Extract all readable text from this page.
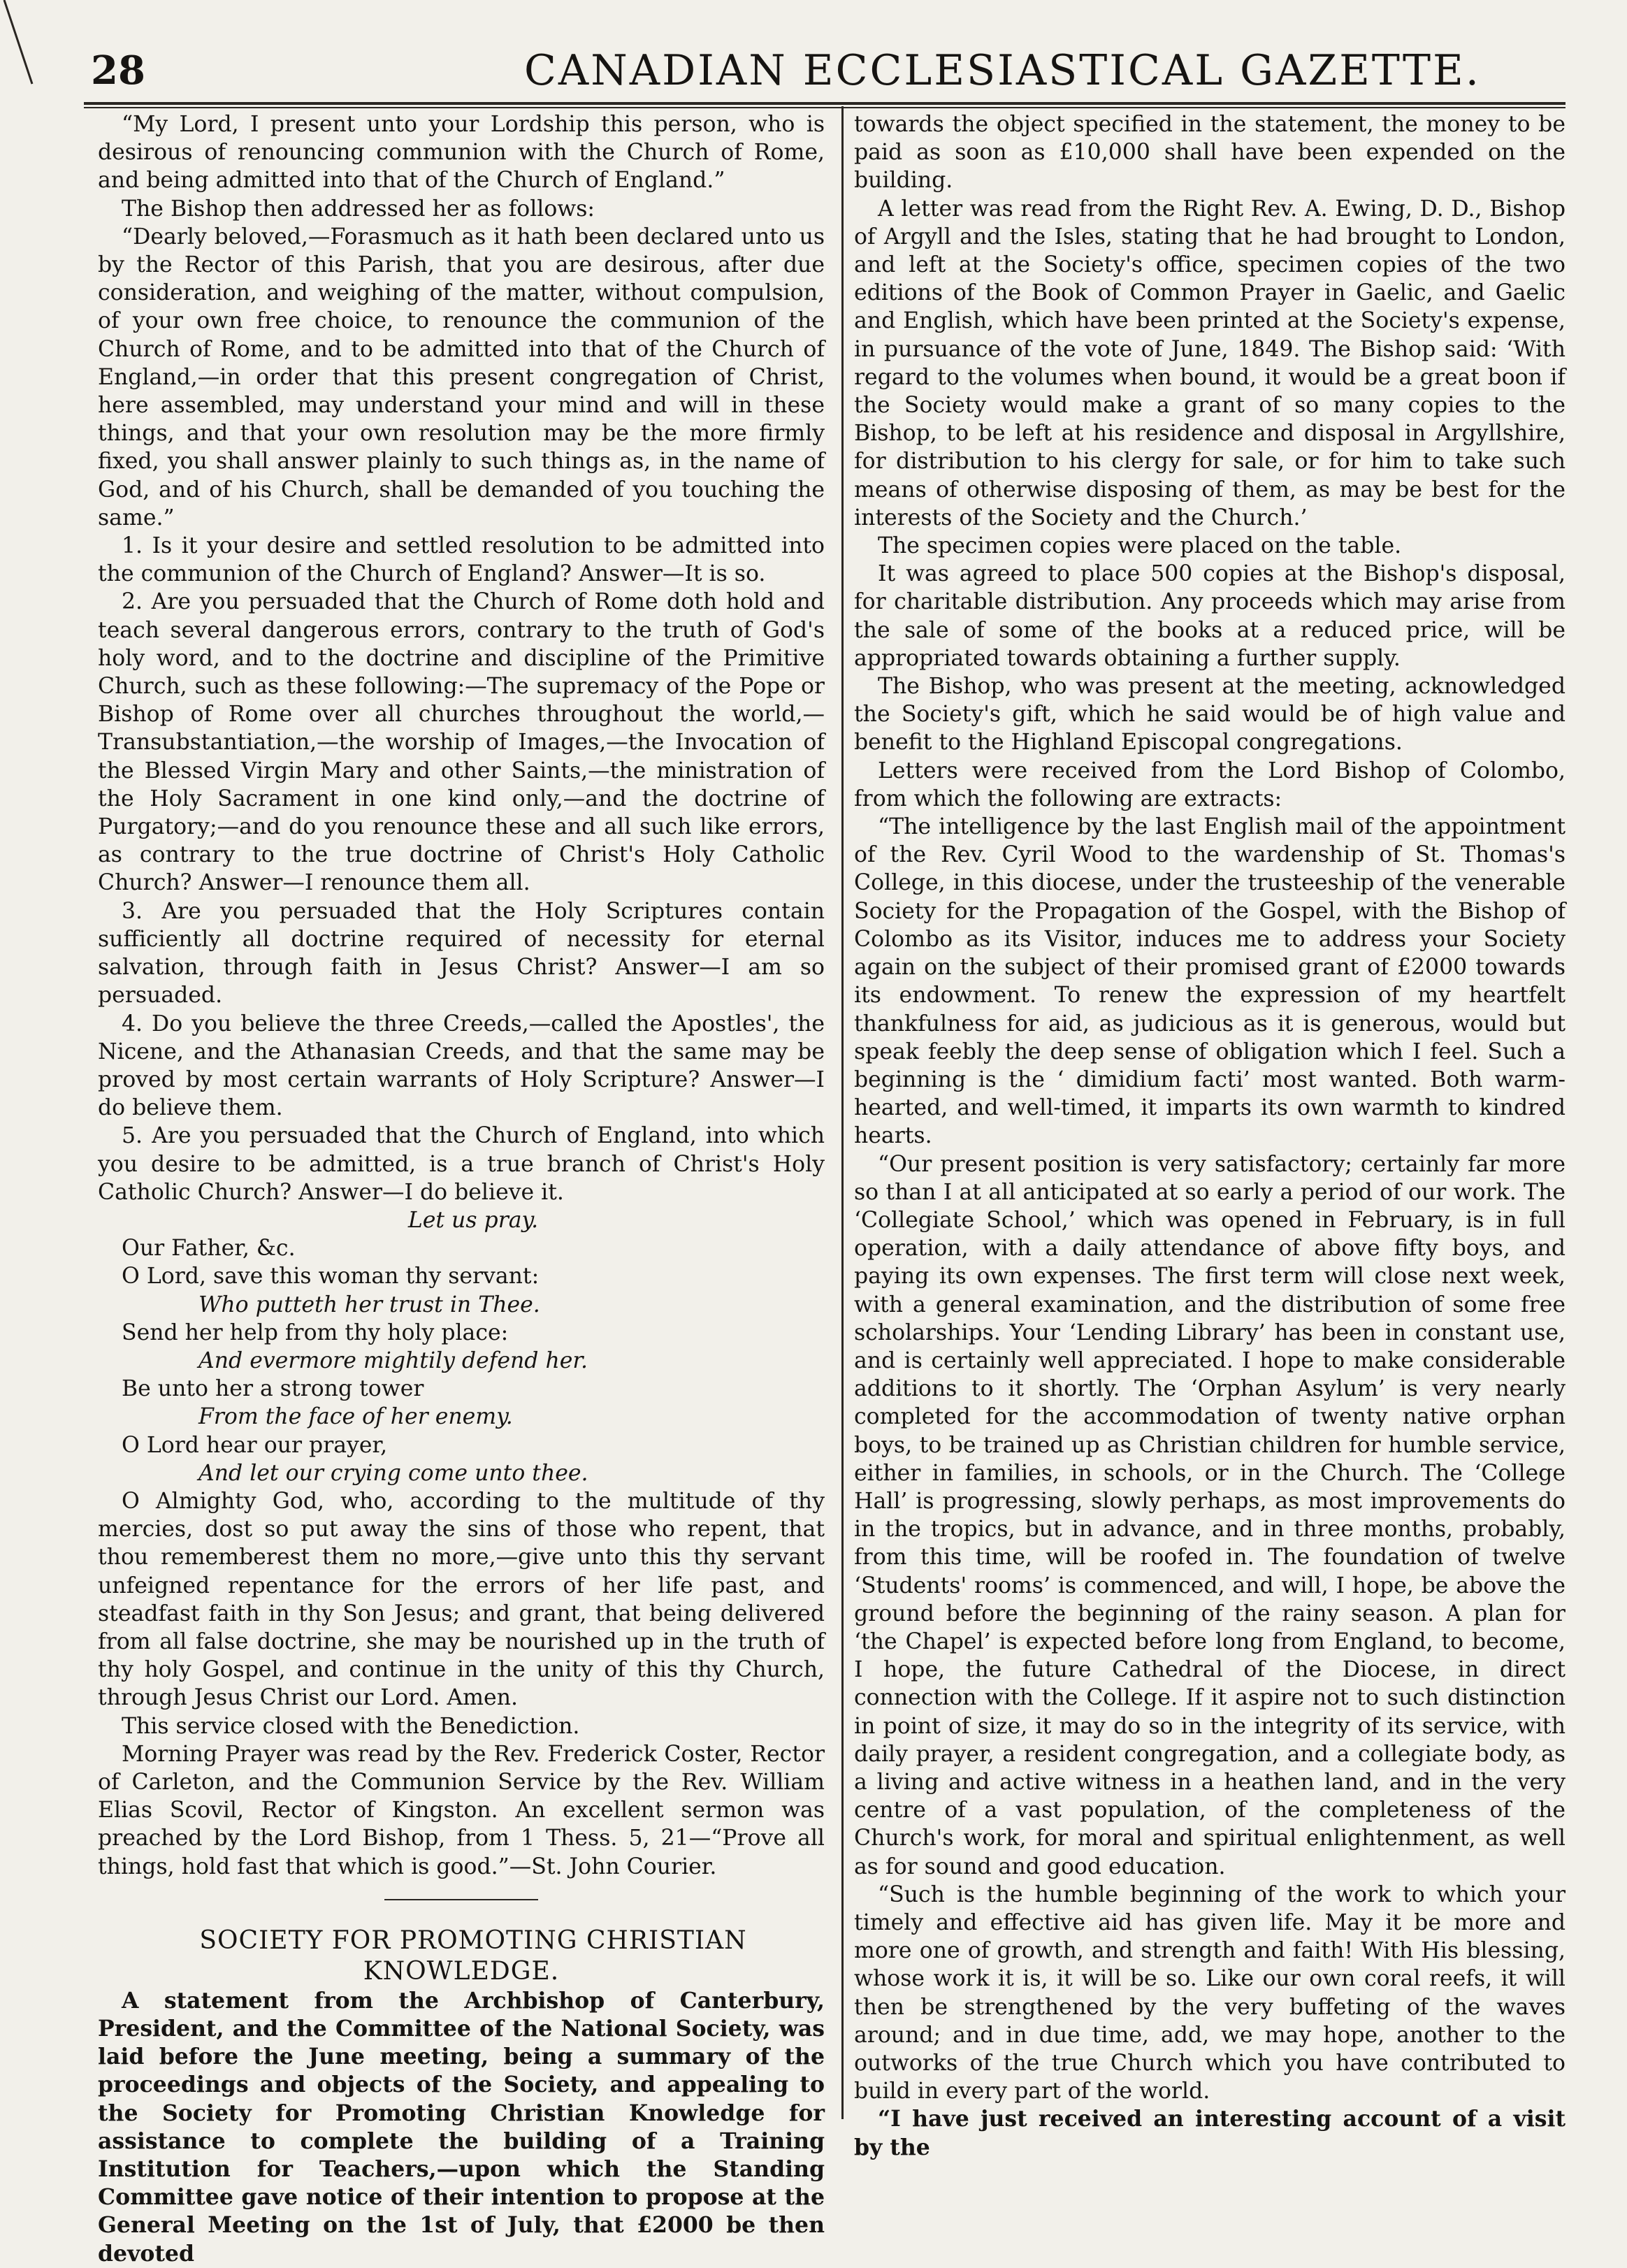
28	CANADIAN ECCLESIASTICAL GAZETTE.

“My Lord, I present unto your Lordship this person, who is desirous of renouncing communion with the Church of Rome, and being admitted into that of the Church of England.”

The Bishop then addressed her as follows:

“Dearly beloved,—Forasmuch as it hath been declared unto us by the Rector of this Parish, that you are desirous, after due consideration, and weighing of the matter, without compulsion, of your own free choice, to renounce the communion of the Church of Rome, and to be admitted into that of the Church of England,—in order that this present congregation of Christ, here assembled, may understand your mind and will in these things, and that your own resolution may be the more firmly fixed, you shall answer plainly to such things as, in the name of God, and of his Church, shall be demanded of you touching the same.”

1. Is it your desire and settled resolution to be admitted into the communion of the Church of England? Answer—It is so.

2. Are you persuaded that the Church of Rome doth hold and teach several dangerous errors, contrary to the truth of God's holy word, and to the doctrine and discipline of the Primitive Church, such as these following:—The supremacy of the Pope or Bishop of Rome over all churches throughout the world,—Transubstantiation,—the worship of Images,—the Invocation of the Blessed Virgin Mary and other Saints,—the ministration of the Holy Sacrament in one kind only,—and the doctrine of Purgatory;—and do you renounce these and all such like errors, as contrary to the true doctrine of Christ's Holy Catholic Church? Answer—I renounce them all.

3. Are you persuaded that the Holy Scriptures contain sufficiently all doctrine required of necessity for eternal salvation, through faith in Jesus Christ? Answer—I am so persuaded.

4. Do you believe the three Creeds,—called the Apostles', the Nicene, and the Athanasian Creeds, and that the same may be proved by most certain warrants of Holy Scripture? Answer—I do believe them.

5. Are you persuaded that the Church of England, into which you desire to be admitted, is a true branch of Christ's Holy Catholic Church? Answer—I do believe it.

Let us pray.

Our Father, &c.

O Lord, save this woman thy servant:

Who putteth her trust in Thee.

Send her help from thy holy place:

And evermore mightily defend her.

Be unto her a strong tower

From the face of her enemy.

O Lord hear our prayer,

And let our crying come unto thee.

O Almighty God, who, according to the multitude of thy mercies, dost so put away the sins of those who repent, that thou rememberest them no more,—give unto this thy servant unfeigned repentance for the errors of her life past, and steadfast faith in thy Son Jesus; and grant, that being delivered from all false doctrine, she may be nourished up in the truth of thy holy Gospel, and continue in the unity of this thy Church, through Jesus Christ our Lord. Amen.

This service closed with the Benediction.

Morning Prayer was read by the Rev. Frederick Coster, Rector of Carleton, and the Communion Service by the Rev. William Elias Scovil, Rector of Kingston. An excellent sermon was preached by the Lord Bishop, from 1 Thess. 5, 21—“Prove all things, hold fast that which is good.”—St. John Courier.

SOCIETY FOR PROMOTING CHRISTIAN KNOWLEDGE.

A statement from the Archbishop of Canterbury, President, and the Committee of the National Society, was laid before the June meeting, being a summary of the proceedings and objects of the Society, and appealing to the Society for Promoting Christian Knowledge for assistance to complete the building of a Training Institution for Teachers,—upon which the Standing Committee gave notice of their intention to propose at the General Meeting on the 1st of July, that £2000 be then devoted

towards the object specified in the statement, the money to be paid as soon as £10,000 shall have been expended on the building.

A letter was read from the Right Rev. A. Ewing, D. D., Bishop of Argyll and the Isles, stating that he had brought to London, and left at the Society's office, specimen copies of the two editions of the Book of Common Prayer in Gaelic, and Gaelic and English, which have been printed at the Society's expense, in pursuance of the vote of June, 1849. The Bishop said: ‘With regard to the volumes when bound, it would be a great boon if the Society would make a grant of so many copies to the Bishop, to be left at his residence and disposal in Argyllshire, for distribution to his clergy for sale, or for him to take such means of otherwise disposing of them, as may be best for the interests of the Society and the Church.’

The specimen copies were placed on the table.

It was agreed to place 500 copies at the Bishop's disposal, for charitable distribution. Any proceeds which may arise from the sale of some of the books at a reduced price, will be appropriated towards obtaining a further supply.

The Bishop, who was present at the meeting, acknowledged the Society's gift, which he said would be of high value and benefit to the Highland Episcopal congregations.

Letters were received from the Lord Bishop of Colombo, from which the following are extracts:

“The intelligence by the last English mail of the appointment of the Rev. Cyril Wood to the wardenship of St. Thomas's College, in this diocese, under the trusteeship of the venerable Society for the Propagation of the Gospel, with the Bishop of Colombo as its Visitor, induces me to address your Society again on the subject of their promised grant of £2000 towards its endowment. To renew the expression of my heartfelt thankfulness for aid, as judicious as it is generous, would but speak feebly the deep sense of obligation which I feel. Such a beginning is the ‘ dimidium facti’ most wanted. Both warm-hearted, and well-timed, it imparts its own warmth to kindred hearts.

“Our present position is very satisfactory; certainly far more so than I at all anticipated at so early a period of our work. The ‘Collegiate School,’ which was opened in February, is in full operation, with a daily attendance of above fifty boys, and paying its own expenses. The first term will close next week, with a general examination, and the distribution of some free scholarships. Your ‘Lending Library’ has been in constant use, and is certainly well appreciated. I hope to make considerable additions to it shortly. The ‘Orphan Asylum’ is very nearly completed for the accommodation of twenty native orphan boys, to be trained up as Christian children for humble service, either in families, in schools, or in the Church. The ‘College Hall’ is progressing, slowly perhaps, as most improvements do in the tropics, but in advance, and in three months, probably, from this time, will be roofed in. The foundation of twelve ‘Students' rooms’ is commenced, and will, I hope, be above the ground before the beginning of the rainy season. A plan for ‘the Chapel’ is expected before long from England, to become, I hope, the future Cathedral of the Diocese, in direct connection with the College. If it aspire not to such distinction in point of size, it may do so in the integrity of its service, with daily prayer, a resident congregation, and a collegiate body, as a living and active witness in a heathen land, and in the very centre of a vast population, of the completeness of the Church's work, for moral and spiritual enlightenment, as well as for sound and good education.

“Such is the humble beginning of the work to which your timely and effective aid has given life. May it be more and more one of growth, and strength and faith! With His blessing, whose work it is, it will be so. Like our own coral reefs, it will then be strengthened by the very buffeting of the waves around; and in due time, add, we may hope, another to the outworks of the true Church which you have contributed to build in every part of the world.

“I have just received an interesting account of a visit by the
